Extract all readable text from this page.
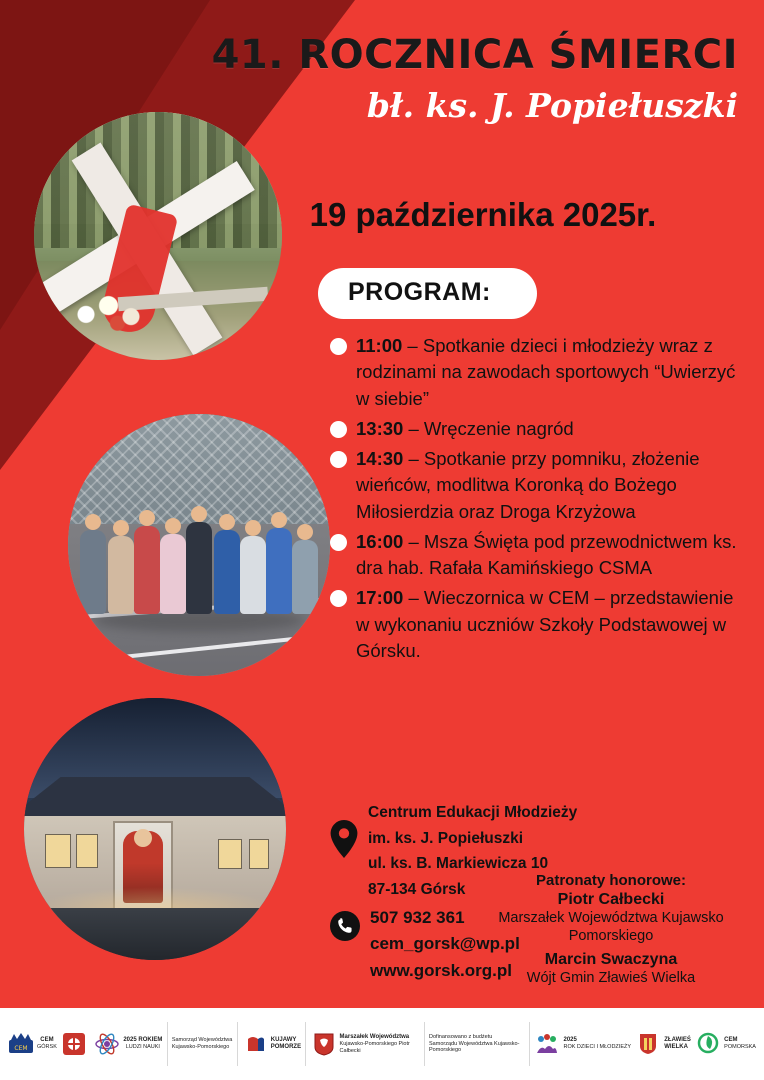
41. ROCZNICA ŚMIERCI
bł. ks. J. Popiełuszki
19 października 2025r.
PROGRAM:
11:00 – Spotkanie dzieci i młodzieży wraz z rodzinami na zawodach sportowych “Uwierzyć w siebie”
13:30 – Wręczenie nagród
14:30 – Spotkanie przy pomniku, złożenie wieńców, modlitwa Koronką do Bożego Miłosierdzia oraz Droga Krzyżowa
16:00 – Msza Święta pod przewodnictwem ks. dra hab. Rafała Kamińskiego CSMA
17:00 – Wieczornica w CEM – przedstawienie w wykonaniu uczniów Szkoły Podstawowej w Górsku.
Centrum Edukacji Młodzieży
im. ks. J. Popiełuszki
ul. ks. B. Markiewicza 10
87-134 Górsk
507 932 361
cem_gorsk@wp.pl
www.gorsk.org.pl
Patronaty honorowe:
Piotr Całbecki
Marszałek Województwa Kujawsko Pomorskiego
Marcin Swaczyna
Wójt Gmin Zławieś Wielka
CEM
CEM
GÓRSK
2025 ROKIEM
LUDZI NAUKI
Samorząd Województwa
Kujawsko-Pomorskiego
KUJAWY
POMORZE
Marszałek Województwa
Kujawsko-Pomorskiego Piotr Całbecki
Dofinansowano z budżetu
Samorządu Województwa Kujawsko-Pomorskiego
2025
ROK DZIECI I MŁODZIEŻY
ZŁAWIEŚ
WIELKA
CEM
POMORSKA
